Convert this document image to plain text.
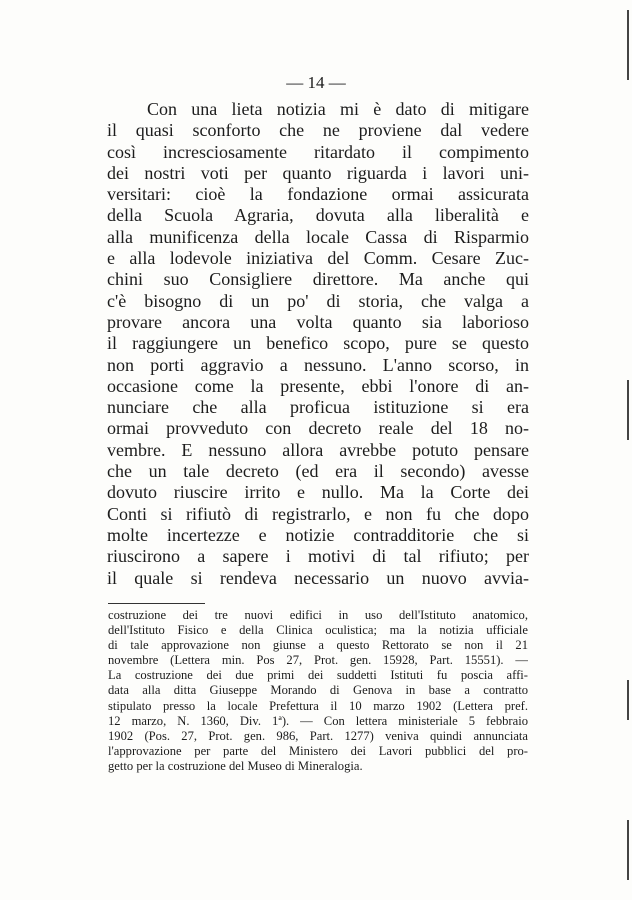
— 14 —
Con una lieta notizia mi è dato di mitigare
il quasi sconforto che ne proviene dal vedere
così incresciosamente ritardato il compimento
dei nostri voti per quanto riguarda i lavori uni-
versitari: cioè la fondazione ormai assicurata
della Scuola Agraria, dovuta alla liberalità e
alla munificenza della locale Cassa di Risparmio
e alla lodevole iniziativa del Comm. Cesare Zuc-
chini suo Consigliere direttore. Ma anche qui
c'è bisogno di un po' di storia, che valga a
provare ancora una volta quanto sia laborioso
il raggiungere un benefico scopo, pure se questo
non porti aggravio a nessuno. L'anno scorso, in
occasione come la presente, ebbi l'onore di an-
nunciare che alla proficua istituzione si era
ormai provveduto con decreto reale del 18 no-
vembre. E nessuno allora avrebbe potuto pensare
che un tale decreto (ed era il secondo) avesse
dovuto riuscire irrito e nullo. Ma la Corte dei
Conti si rifiutò di registrarlo, e non fu che dopo
molte incertezze e notizie contradditorie che si
riuscirono a sapere i motivi di tal rifiuto; per
il quale si rendeva necessario un nuovo avvia-
costruzione dei tre nuovi edifici in uso dell'Istituto anatomico,
dell'Istituto Fisico e della Clinica oculistica; ma la notizia ufficiale
di tale approvazione non giunse a questo Rettorato se non il 21
novembre (Lettera min. Pos 27, Prot. gen. 15928, Part. 15551). —
La costruzione dei due primi dei suddetti Istituti fu poscia affi-
data alla ditta Giuseppe Morando di Genova in base a contratto
stipulato presso la locale Prefettura il 10 marzo 1902 (Lettera pref.
12 marzo, N. 1360, Div. 1ª). — Con lettera ministeriale 5 febbraio
1902 (Pos. 27, Prot. gen. 986, Part. 1277) veniva quindi annunciata
l'approvazione per parte del Ministero dei Lavori pubblici del pro-
getto per la costruzione del Museo di Mineralogia.
